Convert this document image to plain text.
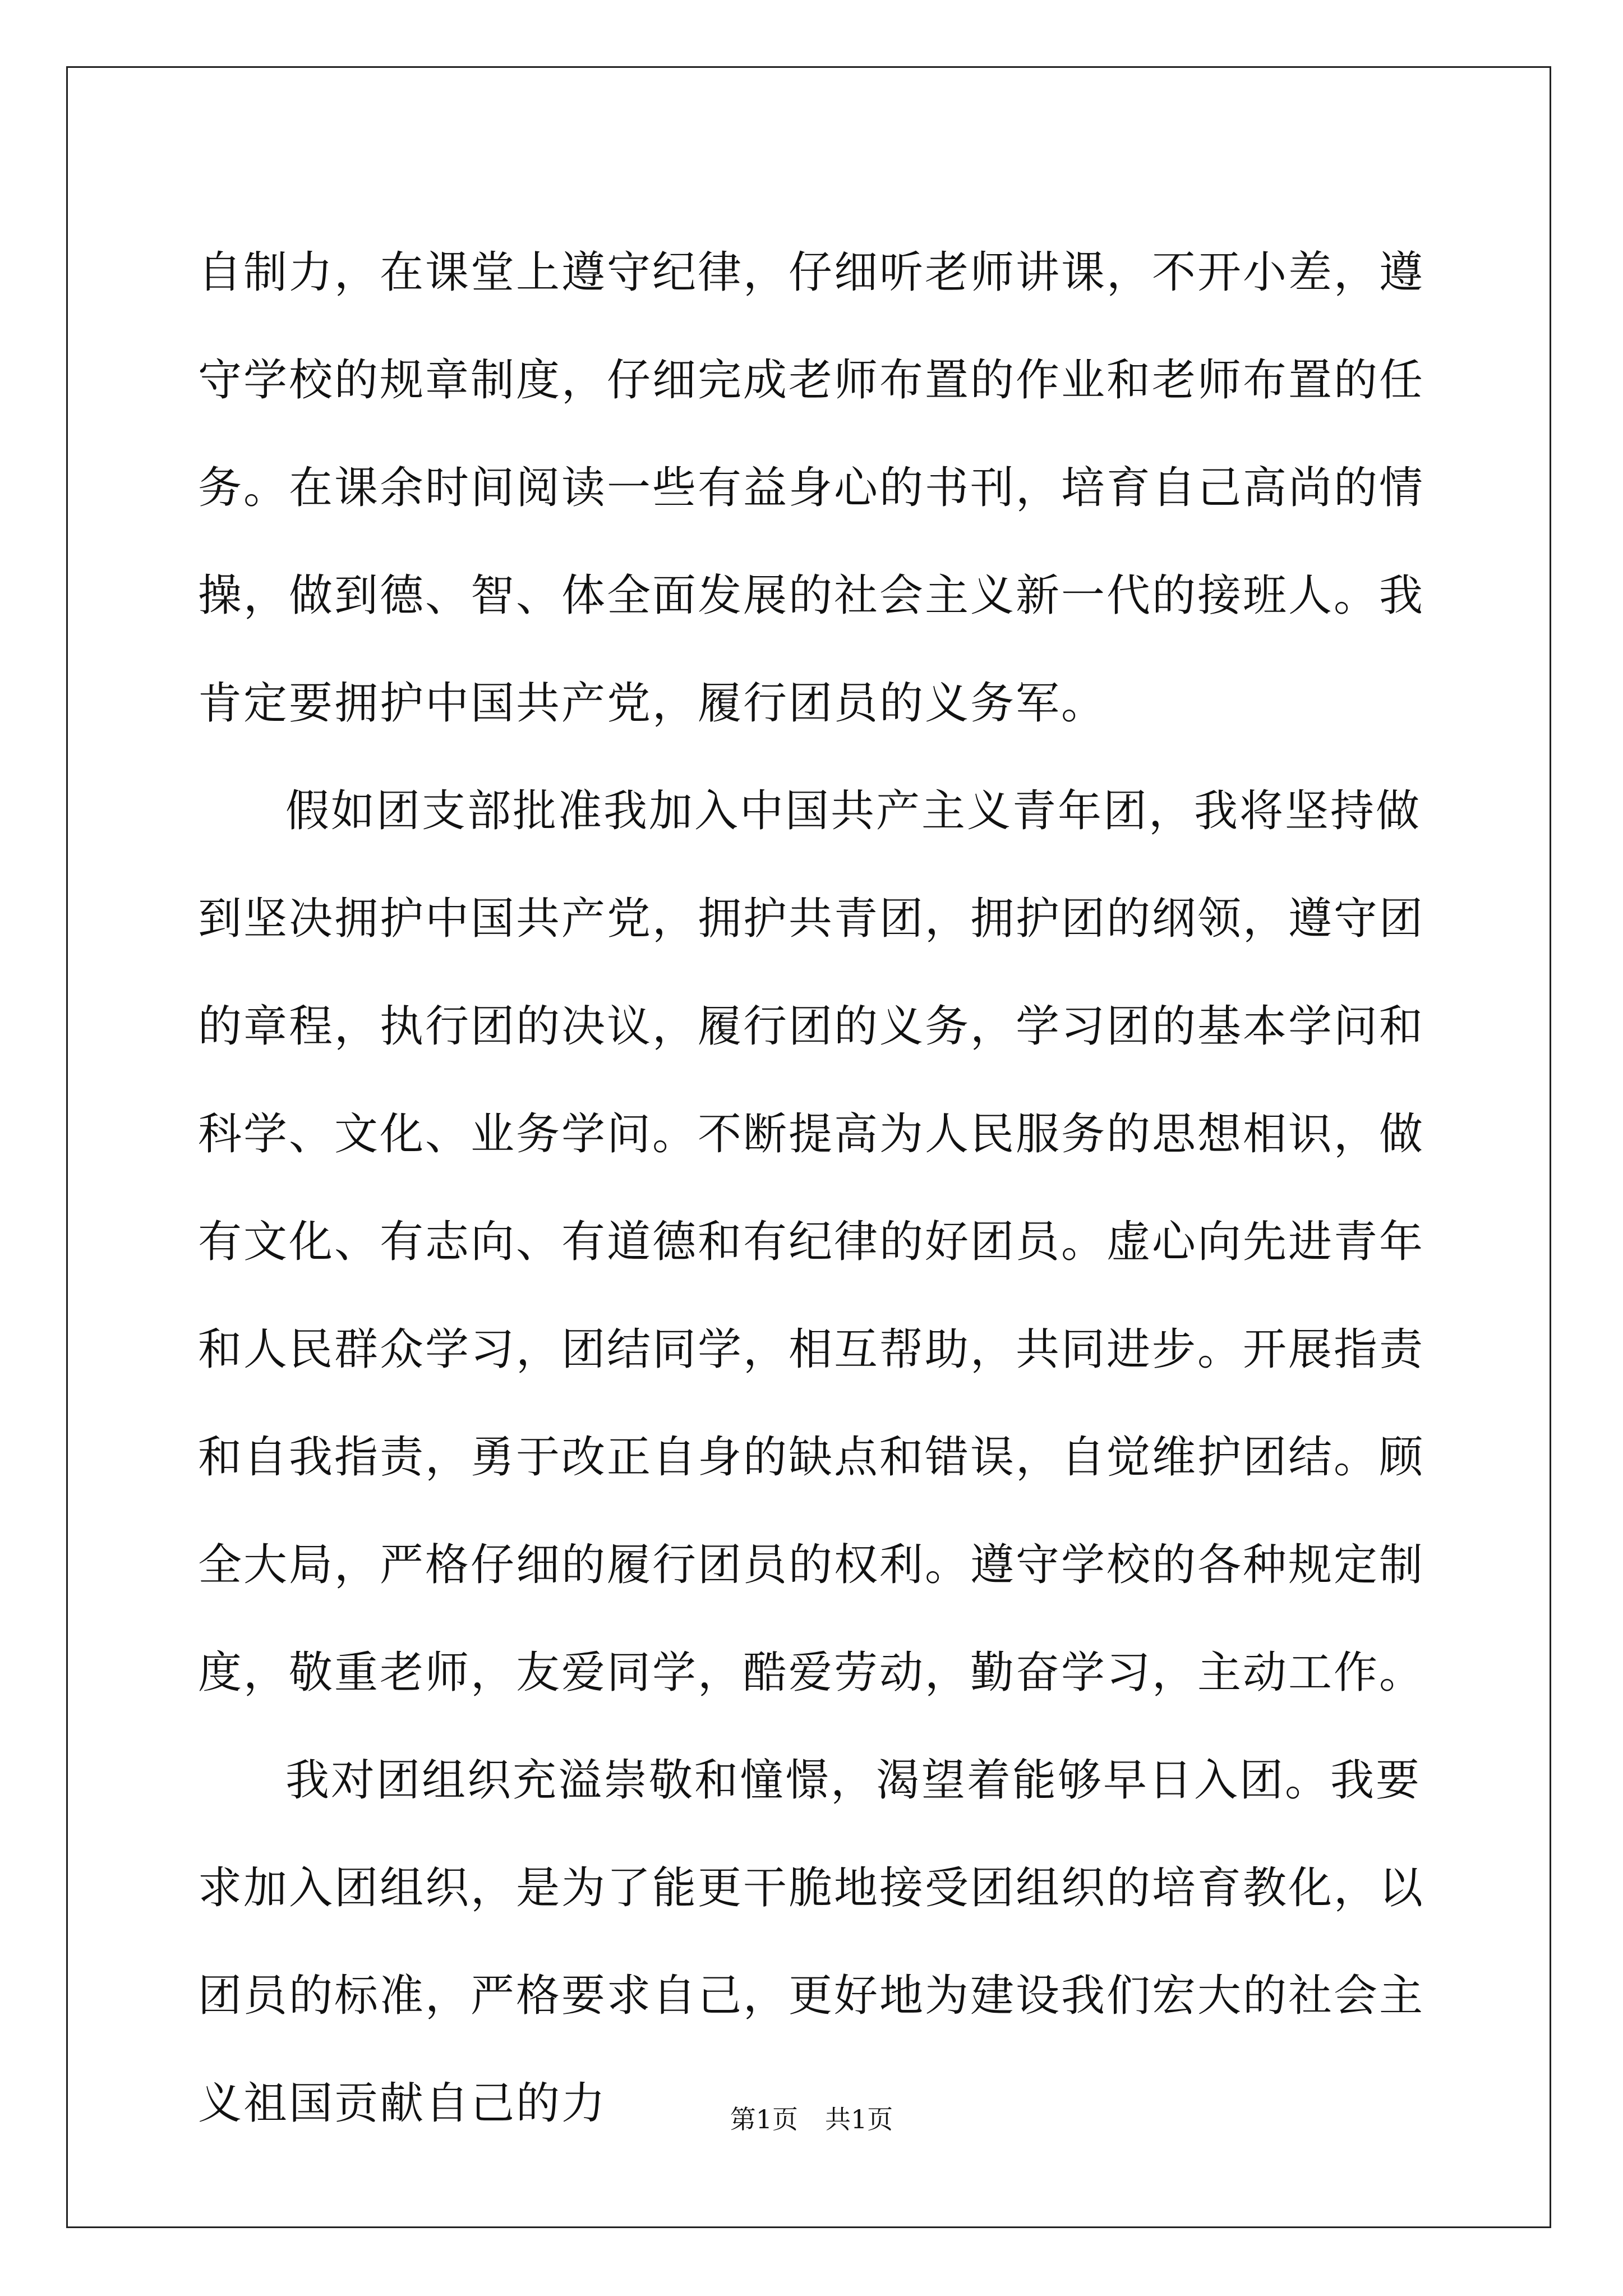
自制力，在课堂上遵守纪律，仔细听老师讲课，不开小差，遵守学校的规章制度，仔细完成老师布置的作业和老师布置的任务。在课余时间阅读一些有益身心的书刊，培育自己高尚的情操，做到德、智、体全面发展的社会主义新一代的接班人。我肯定要拥护中国共产党，履行团员的义务军。

假如团支部批准我加入中国共产主义青年团，我将坚持做到坚决拥护中国共产党，拥护共青团，拥护团的纲领，遵守团的章程，执行团的决议，履行团的义务，学习团的基本学问和科学、文化、业务学问。不断提高为人民服务的思想相识，做有文化、有志向、有道德和有纪律的好团员。虚心向先进青年和人民群众学习，团结同学，相互帮助，共同进步。开展指责和自我指责，勇于改正自身的缺点和错误，自觉维护团结。顾全大局，严格仔细的履行团员的权利。遵守学校的各种规定制度，敬重老师，友爱同学，酷爱劳动，勤奋学习，主动工作。

我对团组织充溢崇敬和憧憬，渴望着能够早日入团。我要求加入团组织，是为了能更干脆地接受团组织的培育教化，以团员的标准，严格要求自己，更好地为建设我们宏大的社会主义祖国贡献自己的力	第1页 共1页
